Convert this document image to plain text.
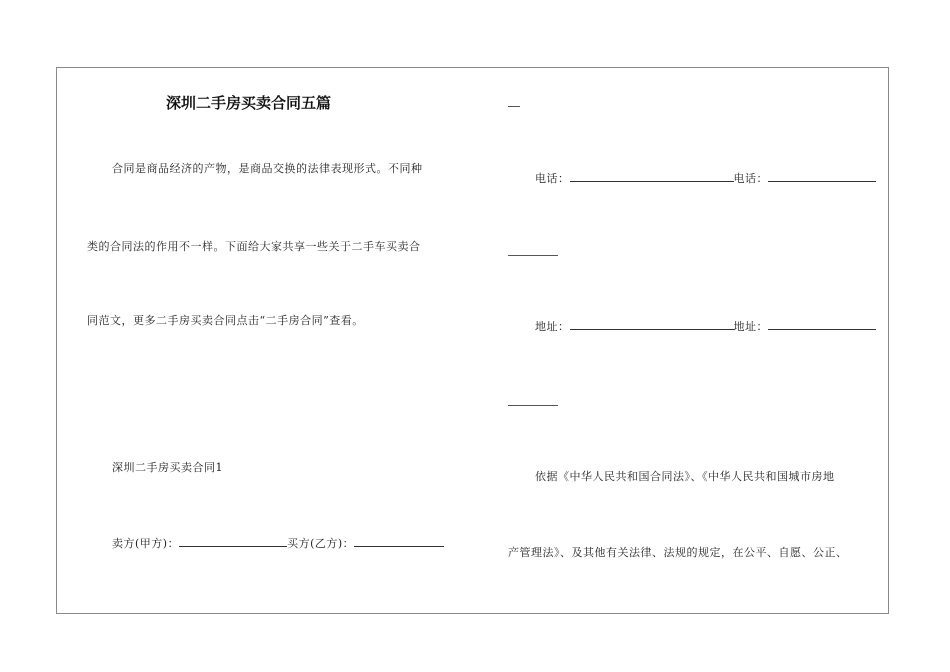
深圳二手房买卖合同五篇
合同是商品经济的产物，是商品交换的法律表现形式。不同种
类的合同法的作用不一样。下面给大家共享一些关于二手车买卖合
同范文，更多二手房买卖合同点击“二手房合同”查看。
深圳二手房买卖合同1
卖方(甲方)：	买方(乙方)：
电话：	电话：
地址：	地址：
依据《中华人民共和国合同法》、《中华人民共和国城市房地
产管理法》、及其他有关法律、法规的规定，在公平、自愿、公正、
